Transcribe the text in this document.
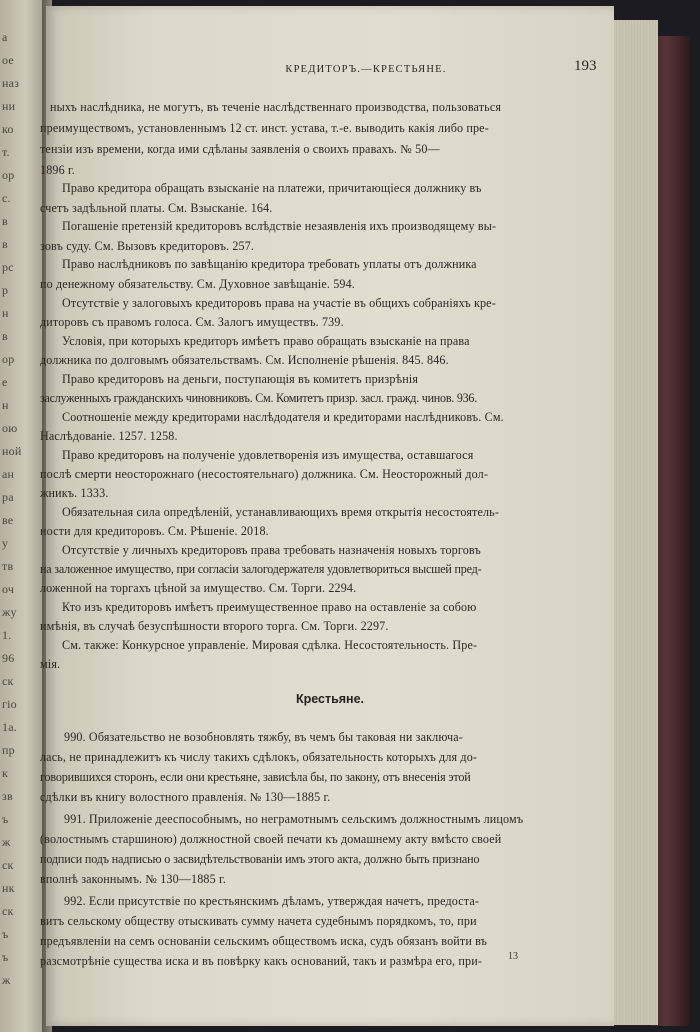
а
ое
наз
ни
ко
т.
ор
с.
в
в
рс
р
н
в
ор
е
н
ою
ной
ан
ра
ве
у
тв
оч
жу
1.
96
ск
гіо
1а.
пр
к
зв
ъ
ж
ск
нк
ск
ъ
ъ
ж
КРЕДИТОРЪ.—КРЕСТЬЯНЕ.	193
ныхъ наслѣдника, не могутъ, въ теченіе наслѣдственнаго производства, пользоваться
преимуществомъ, установленнымъ 12 ст. инст. устава, т.-е. выводить какія либо пре-
тензіи изъ времени, когда ими сдѣланы заявленія о своихъ правахъ. № 50—
1896 г.
Право кредитора обращать взысканіе на платежи, причитающіеся должнику въ
счетъ задѣльной платы. См. Взысканіе. 164.
Погашеніе претензій кредиторовъ вслѣдствіе незаявленія ихъ производящему вы-
зовъ суду. См. Вызовъ кредиторовъ. 257.
Право наслѣдниковъ по завѣщанію кредитора требовать уплаты отъ должника
по денежному обязательству. См. Духовное завѣщаніе. 594.
Отсутствіе у залоговыхъ кредиторовъ права на участіе въ общихъ собраніяхъ кре-
диторовъ съ правомъ голоса. См. Залогъ имуществъ. 739.
Условія, при которыхъ кредиторъ имѣетъ право обращать взысканіе на права
должника по долговымъ обязательствамъ. См. Исполненіе рѣшенія. 845. 846.
Право кредиторовъ на деньги, поступающія въ комитетъ призрѣнія
заслуженныхъ гражданскихъ чиновниковъ. См. Комитетъ призр. засл. гражд. чинов. 936.
Соотношеніе между кредиторами наслѣдодателя и кредиторами наслѣдниковъ. См.
Наслѣдованіе. 1257. 1258.
Право кредиторовъ на полученіе удовлетворенія изъ имущества, оставшагося
послѣ смерти неосторожнаго (несостоятельнаго) должника. См. Неосторожный дол-
жникъ. 1333.
Обязательная сила опредѣленій, устанавливающихъ время открытія несостоятель-
ности для кредиторовъ. См. Рѣшеніе. 2018.
Отсутствіе у личныхъ кредиторовъ права требовать назначенія новыхъ торговъ
на заложенное имущество, при согласіи залогодержателя удовлетвориться высшей пред-
ложенной на торгахъ цѣной за имущество. См. Торги. 2294.
Кто изъ кредиторовъ имѣетъ преимущественное право на оставленіе за собою
имѣнія, въ случаѣ безуспѣшности второго торга. См. Торги. 2297.
См. также: Конкурсное управленіе. Мировая сдѣлка. Несостоятельность. Пре-
мія.
Крестьяне.
990. Обязательство не возобновлять тяжбу, въ чемъ бы таковая ни заключа-
лась, не принадлежитъ къ числу такихъ сдѣлокъ, обязательность которыхъ для до-
говорившихся сторонъ, если они крестьяне, зависѣла бы, по закону, отъ внесенія этой
сдѣлки въ книгу волостного правленія. № 130—1885 г.
991. Приложеніе дееспособнымъ, но неграмотнымъ сельскимъ должностнымъ лицомъ
(волостнымъ старшиною) должностной своей печати къ домашнему акту вмѣсто своей
подписи подъ надписью о засвидѣтельствованіи имъ этого акта, должно быть признано
вполнѣ законнымъ. № 130—1885 г.
992. Если присутствіе по крестьянскимъ дѣламъ, утверждая начетъ, предоста-
витъ сельскому обществу отыскивать сумму начета судебнымъ порядкомъ, то, при
предъявленіи на семъ основаніи сельскимъ обществомъ иска, судъ обязанъ войти въ
разсмотрѣніе существа иска и въ повѣрку какъ оснований, такъ и размѣра его, при-	13
